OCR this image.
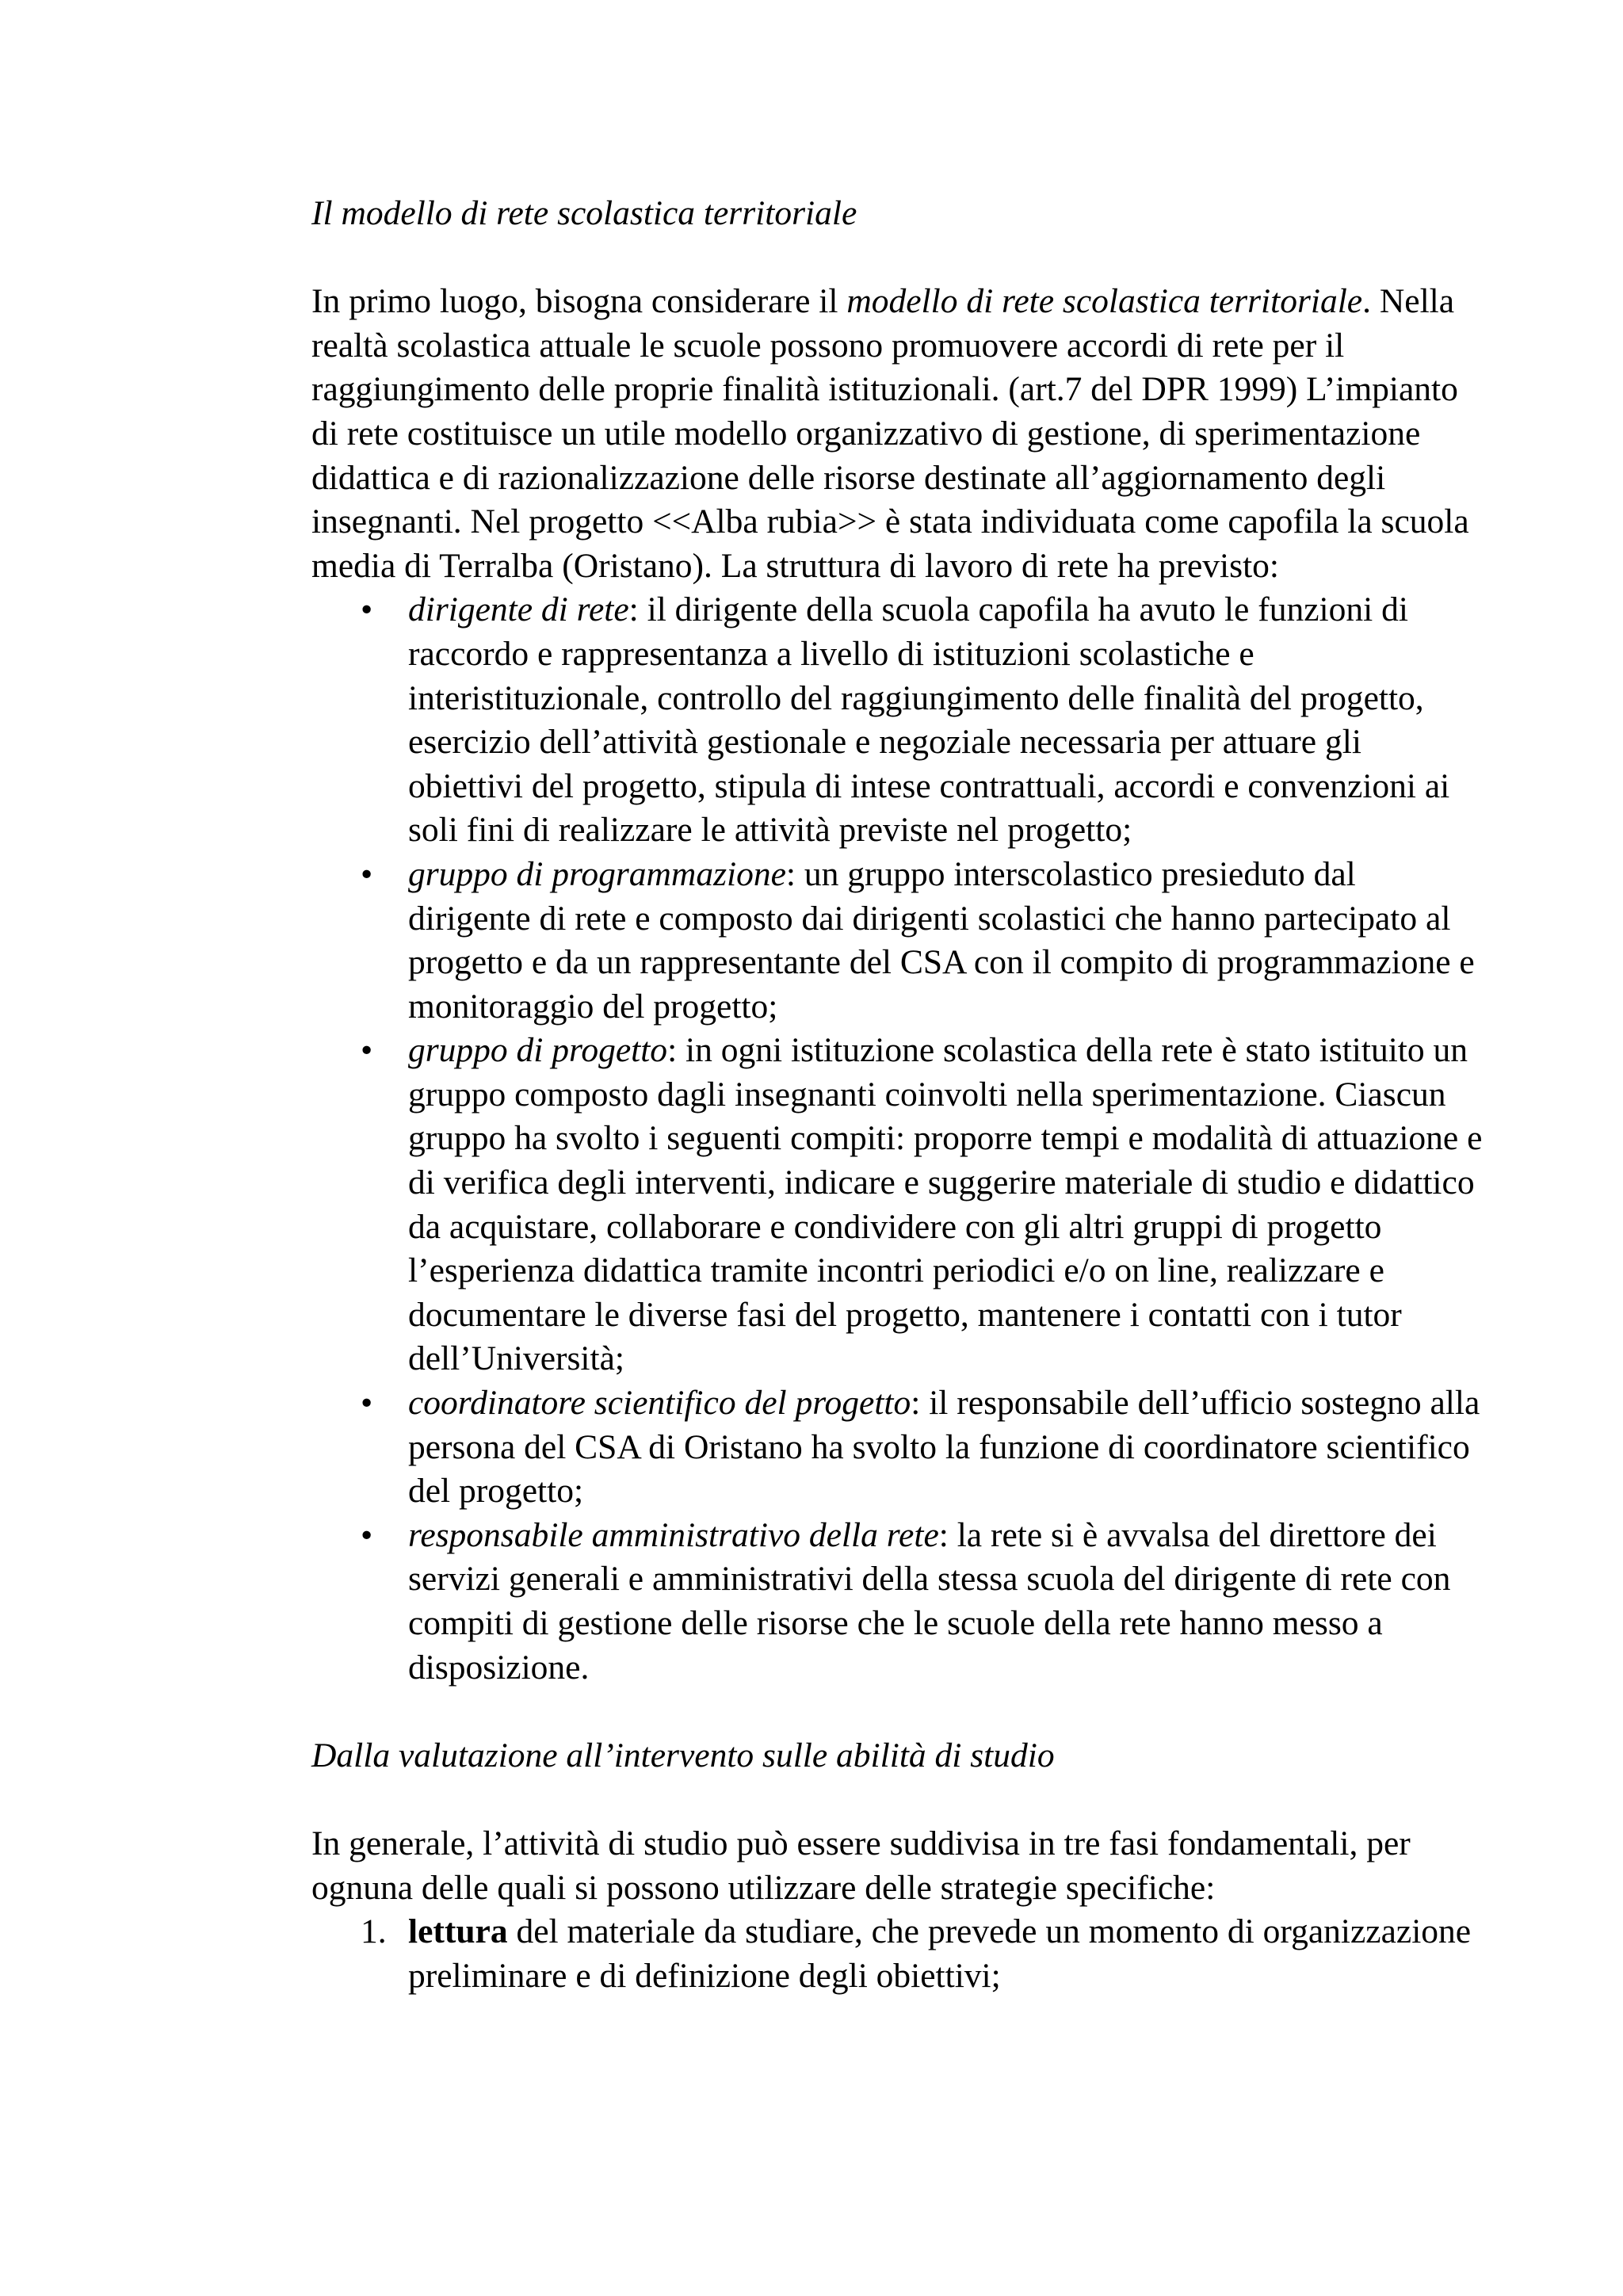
Il modello di rete scolastica territoriale

In primo luogo, bisogna considerare il modello di rete scolastica territoriale. Nella realtà scolastica attuale le scuole possono promuovere accordi di rete per il raggiungimento delle proprie finalità istituzionali. (art.7 del DPR 1999) L’impianto di rete costituisce un utile modello organizzativo di gestione, di sperimentazione didattica e di razionalizzazione delle risorse destinate all’aggiornamento degli insegnanti. Nel progetto <<Alba rubia>> è stata individuata come capofila la scuola media di Terralba (Oristano). La struttura di lavoro di rete ha previsto:

• dirigente di rete: il dirigente della scuola capofila ha avuto le funzioni di raccordo e rappresentanza a livello di istituzioni scolastiche e interistituzionale, controllo del raggiungimento delle finalità del progetto, esercizio dell’attività gestionale e negoziale necessaria per attuare gli obiettivi del progetto, stipula di intese contrattuali, accordi e convenzioni ai soli fini di realizzare le attività previste nel progetto;
• gruppo di programmazione: un gruppo interscolastico presieduto dal dirigente di rete e composto dai dirigenti scolastici che hanno partecipato al progetto e da un rappresentante del CSA con il compito di programmazione e monitoraggio del progetto;
• gruppo di progetto: in ogni istituzione scolastica della rete è stato istituito un gruppo composto dagli insegnanti coinvolti nella sperimentazione. Ciascun gruppo ha svolto i seguenti compiti: proporre tempi e modalità di attuazione e di verifica degli interventi, indicare e suggerire materiale di studio e didattico da acquistare, collaborare e condividere con gli altri gruppi di progetto l’esperienza didattica tramite incontri periodici e/o on line, realizzare e documentare le diverse fasi del progetto, mantenere i contatti con i tutor dell’Università;
• coordinatore scientifico del progetto: il responsabile dell’ufficio sostegno alla persona del CSA di Oristano ha svolto la funzione di coordinatore scientifico del progetto;
• responsabile amministrativo della rete: la rete si è avvalsa del direttore dei servizi generali e amministrativi della stessa scuola del dirigente di rete con compiti di gestione delle risorse che le scuole della rete hanno messo a disposizione.
Dalla valutazione all’intervento sulle abilità di studio

In generale, l’attività di studio può essere suddivisa in tre fasi fondamentali, per ognuna delle quali si possono utilizzare delle strategie specifiche:

1. lettura del materiale da studiare, che prevede un momento di organizzazione preliminare e di definizione degli obiettivi;
